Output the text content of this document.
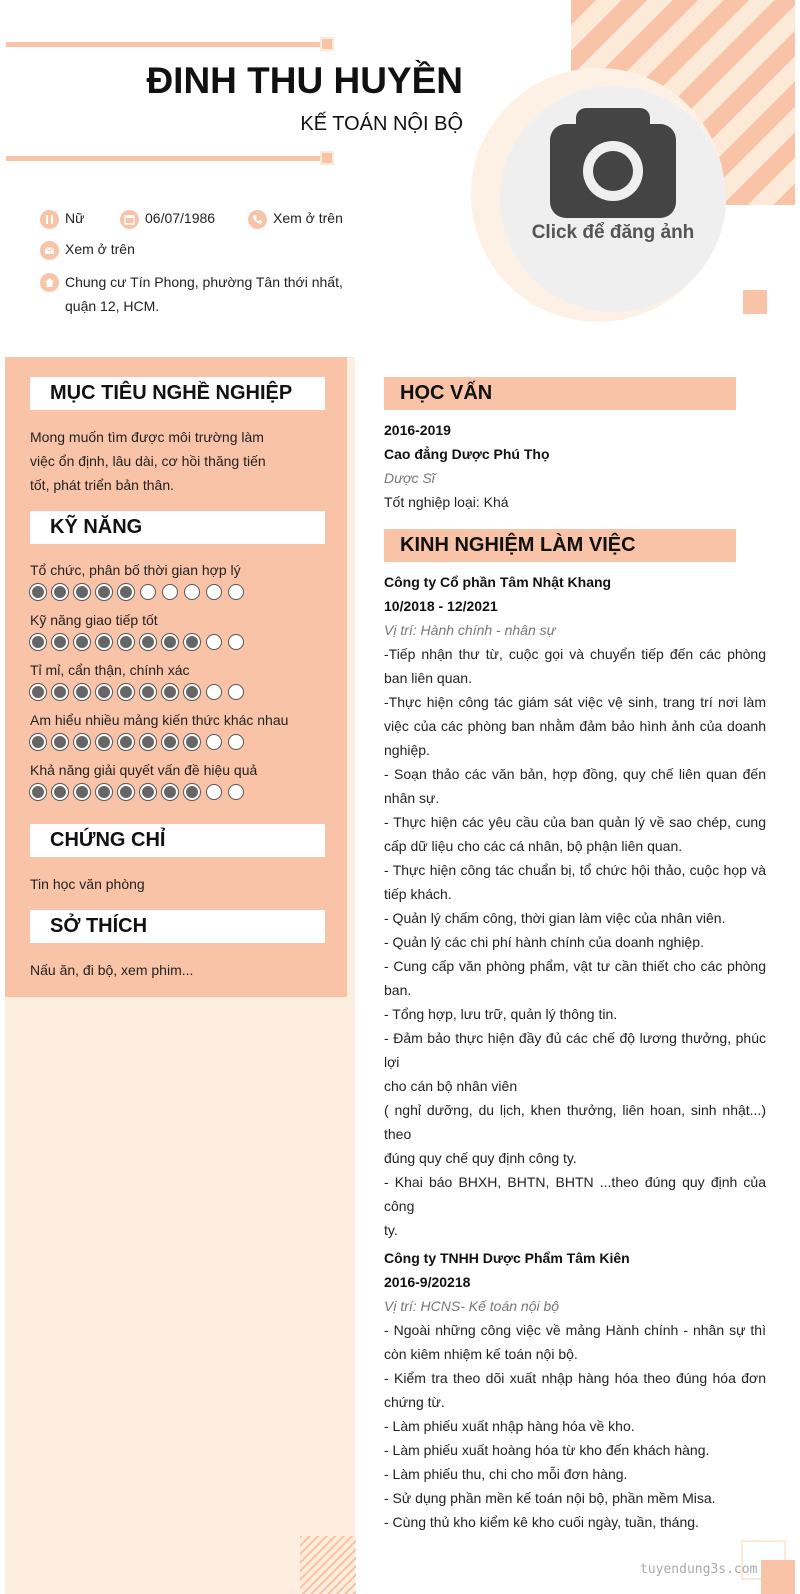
ĐINH THU HUYỀN
KẾ TOÁN NỘI BỘ
Click để đăng ảnh
Nữ	06/07/1986	Xem ở trên
Xem ở trên
Chung cư Tín Phong, phường Tân thới nhất, quận 12, HCM.
MỤC TIÊU NGHỀ NGHIỆP
Mong muốn tìm được môi trường làm
việc ổn định, lâu dài, cơ hồi thăng tiến
tốt, phát triển bản thân.
KỸ NĂNG
Tổ chức, phân bố thời gian hợp lý
Kỹ năng giao tiếp tốt
Tỉ mỉ, cẩn thận, chính xác
Am hiểu nhiều mảng kiến thức khác nhau
Khả năng giải quyết vấn đề hiệu quả
CHỨNG CHỈ
Tin học văn phòng
SỞ THÍCH
Nấu ăn, đi bộ, xem phim...
HỌC VẤN
2016-2019
Cao đẳng Dược Phú Thọ
Dược Sĩ
Tốt nghiệp loại: Khá
KINH NGHIỆM LÀM VIỆC
Công ty Cổ phần Tâm Nhật Khang
10/2018 - 12/2021
Vị trí: Hành chính - nhân sự
-Tiếp nhận thư từ, cuộc gọi và chuyển tiếp đến các phòng ban liên quan.
-Thực hiện công tác giám sát việc vệ sinh, trang trí nơi làm việc của các phòng ban nhằm đảm bảo hình ảnh của doanh nghiệp.
- Soạn thảo các văn bản, hợp đồng, quy chế liên quan đến nhân sự.
- Thực hiện các yêu cầu của ban quản lý về sao chép, cung cấp dữ liệu cho các cá nhân, bộ phận liên quan.
- Thực hiện công tác chuẩn bị, tổ chức hội thảo, cuộc họp và tiếp khách.
- Quản lý chấm công, thời gian làm việc của nhân viên.
- Quản lý các chi phí hành chính của doanh nghiệp.
- Cung cấp văn phòng phẩm, vật tư cần thiết cho các phòng ban.
- Tổng hợp, lưu trữ, quản lý thông tin.
- Đảm bảo thực hiện đầy đủ các chế độ lương thưởng, phúc lợi
cho cán bộ nhân viên
( nghỉ dưỡng, du lịch, khen thưởng, liên hoan, sinh nhật...) theo
đúng quy chế quy định công ty.
- Khai báo BHXH, BHTN, BHTN ...theo đúng quy định của công
ty.
Công ty TNHH Dược Phẩm Tâm Kiên
2016-9/20218
Vị trí: HCNS- Kế toán nội bộ
- Ngoài những công việc về mảng Hành chính - nhân sự thì còn kiêm nhiệm kế toán nội bộ.
- Kiểm tra theo dõi xuất nhập hàng hóa theo đúng hóa đơn chứng từ.
- Làm phiếu xuất nhập hàng hóa về kho.
- Làm phiếu xuất hoàng hóa từ kho đến khách hàng.
- Làm phiếu thu, chi cho mỗi đơn hàng.
- Sử dụng phần mền kế toán nội bộ, phần mềm Misa.
- Cùng thủ kho kiểm kê kho cuối ngày, tuần, tháng.
tuyendung3s.com
